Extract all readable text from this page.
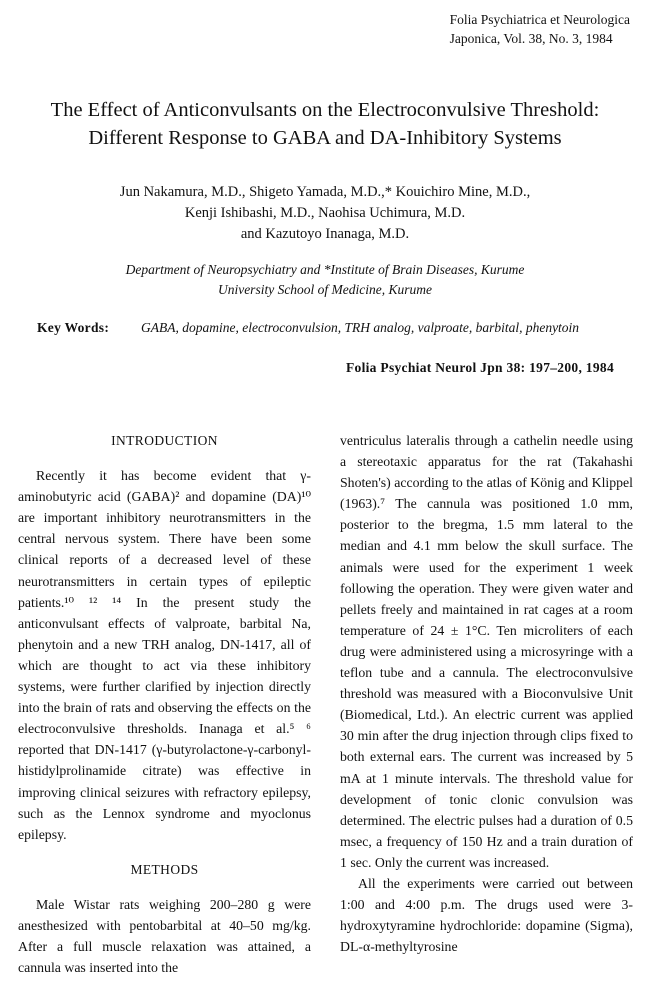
Folia Psychiatrica et Neurologica
Japonica, Vol. 38, No. 3, 1984
The Effect of Anticonvulsants on the Electroconvulsive Threshold:
Different Response to GABA and DA-Inhibitory Systems
Jun Nakamura, M.D., Shigeto Yamada, M.D.,* Kouichiro Mine, M.D.,
Kenji Ishibashi, M.D., Naohisa Uchimura, M.D.
and Kazutoyo Inanaga, M.D.
Department of Neuropsychiatry and *Institute of Brain Diseases, Kurume
University School of Medicine, Kurume
Key Words:	GABA, dopamine, electroconvulsion, TRH analog, valproate, barbital, phenytoin
Folia Psychiat Neurol Jpn 38: 197–200, 1984
INTRODUCTION

Recently it has become evident that γ-aminobutyric acid (GABA)² and dopamine (DA)¹⁰ are important inhibitory neurotransmitters in the central nervous system. There have been some clinical reports of a decreased level of these neurotransmitters in certain types of epileptic patients.¹⁰ ¹² ¹⁴ In the present study the anticonvulsant effects of valproate, barbital Na, phenytoin and a new TRH analog, DN-1417, all of which are thought to act via these inhibitory systems, were further clarified by injection directly into the brain of rats and observing the effects on the electroconvulsive thresholds. Inanaga et al.⁵ ⁶ reported that DN-1417 (γ-butyrolactone-γ-carbonyl-histidylprolinamide citrate) was effective in improving clinical seizures with refractory epilepsy, such as the Lennox syndrome and myoclonus epilepsy.

METHODS

Male Wistar rats weighing 200–280 g were anesthesized with pentobarbital at 40–50 mg/kg. After a full muscle relaxation was attained, a cannula was inserted into the

ventriculus lateralis through a cathelin needle using a stereotaxic apparatus for the rat (Takahashi Shoten's) according to the atlas of König and Klippel (1963).⁷ The cannula was positioned 1.0 mm, posterior to the bregma, 1.5 mm lateral to the median and 4.1 mm below the skull surface. The animals were used for the experiment 1 week following the operation. They were given water and pellets freely and maintained in rat cages at a room temperature of 24 ± 1°C. Ten microliters of each drug were administered using a microsyringe with a teflon tube and a cannula. The electroconvulsive threshold was measured with a Bioconvulsive Unit (Biomedical, Ltd.). An electric current was applied 30 min after the drug injection through clips fixed to both external ears. The current was increased by 5 mA at 1 minute intervals. The threshold value for development of tonic clonic convulsion was determined. The electric pulses had a duration of 0.5 msec, a frequency of 150 Hz and a train duration of 1 sec. Only the current was increased.

All the experiments were carried out between 1:00 and 4:00 p.m. The drugs used were 3-hydroxytyramine hydrochloride: dopamine (Sigma), DL-α-methyltyrosine
